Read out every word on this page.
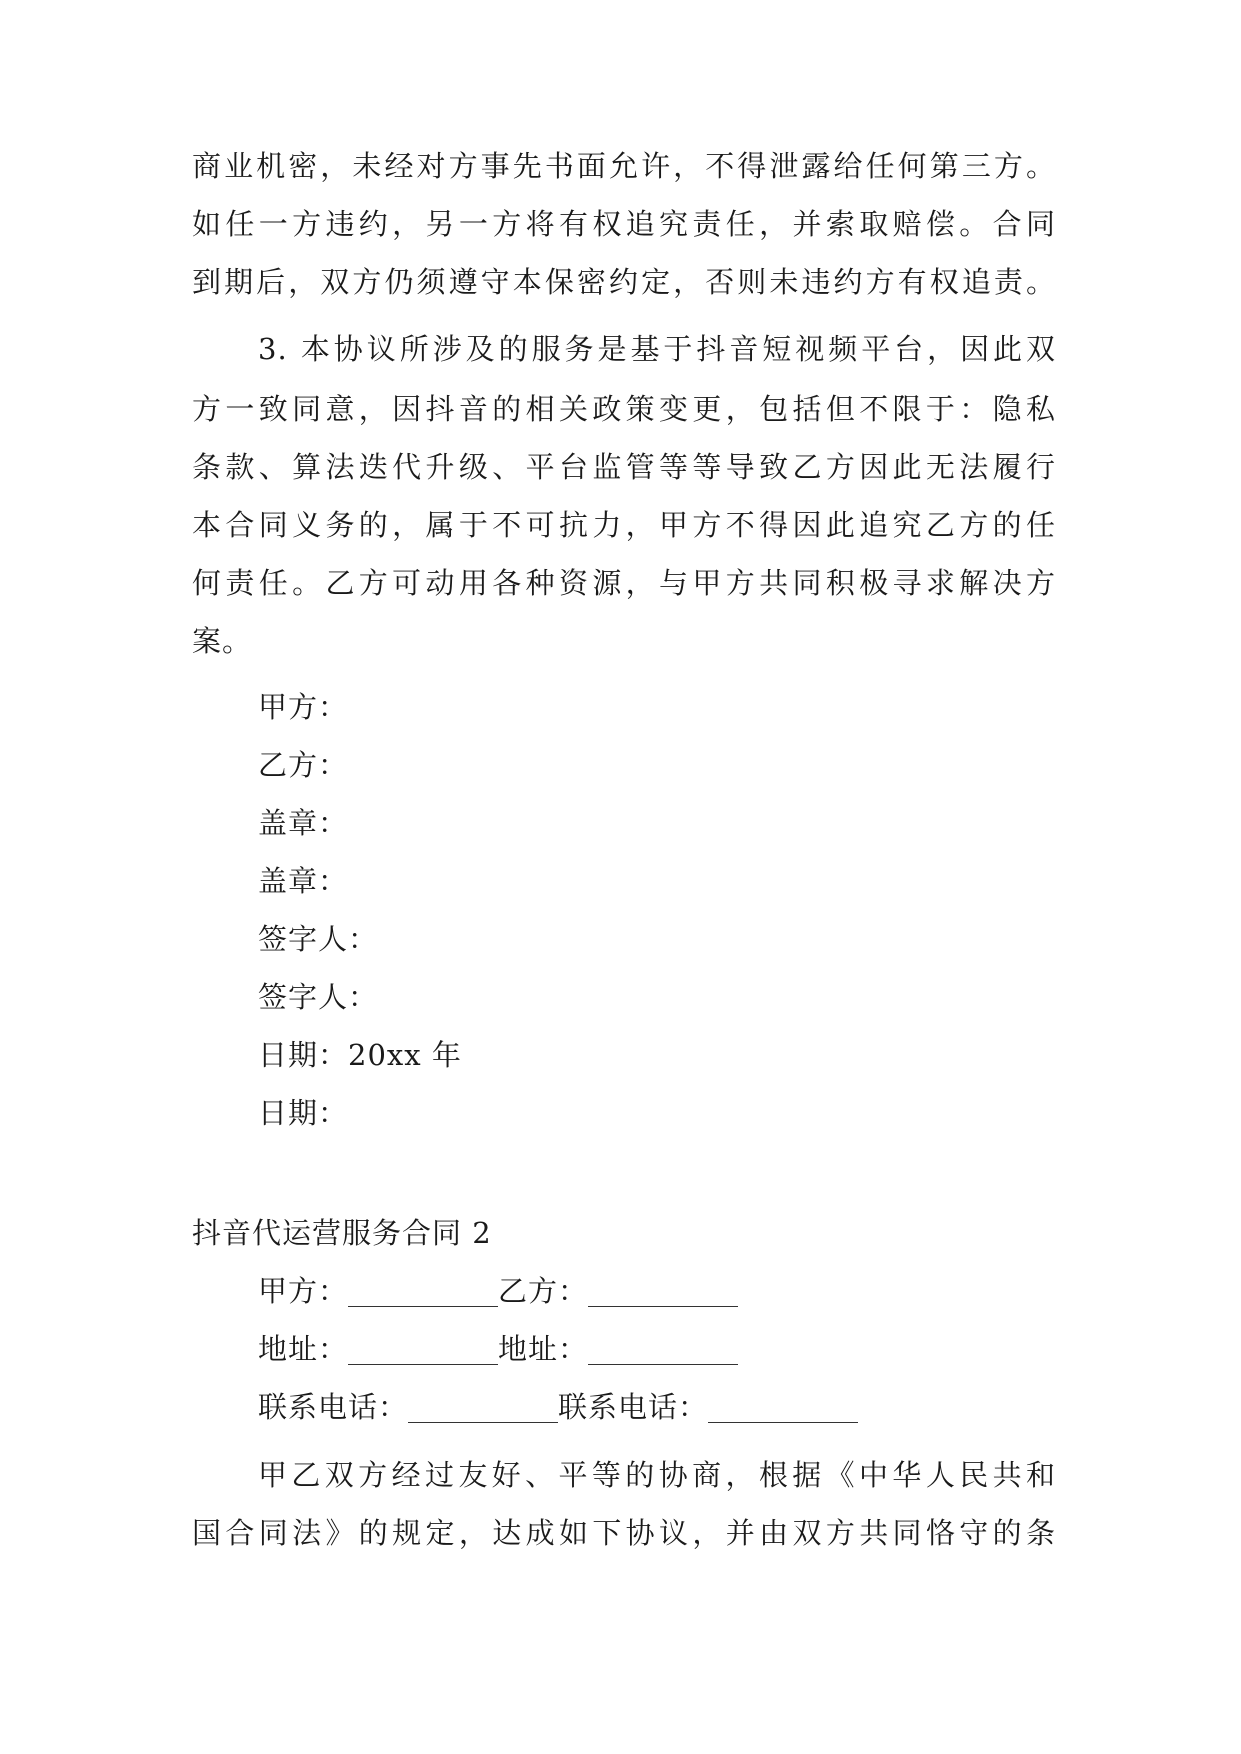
商业机密，未经对方事先书面允许，不得泄露给任何第三方。
如任一方违约，另一方将有权追究责任，并索取赔偿。合同
到期后，双方仍须遵守本保密约定，否则未违约方有权追责。
3. 本协议所涉及的服务是基于抖音短视频平台，因此双
方一致同意，因抖音的相关政策变更，包括但不限于：隐私
条款、算法迭代升级、平台监管等等导致乙方因此无法履行
本合同义务的，属于不可抗力，甲方不得因此追究乙方的任
何责任。乙方可动用各种资源，与甲方共同积极寻求解决方
案。
甲方：
乙方：
盖章：
盖章：
签字人：
签字人：
日期：20xx 年
日期：
抖音代运营服务合同 2
甲方：	乙方：
地址：	地址：
联系电话：	联系电话：
甲乙双方经过友好、平等的协商，根据《中华人民共和
国合同法》的规定，达成如下协议，并由双方共同恪守的条
